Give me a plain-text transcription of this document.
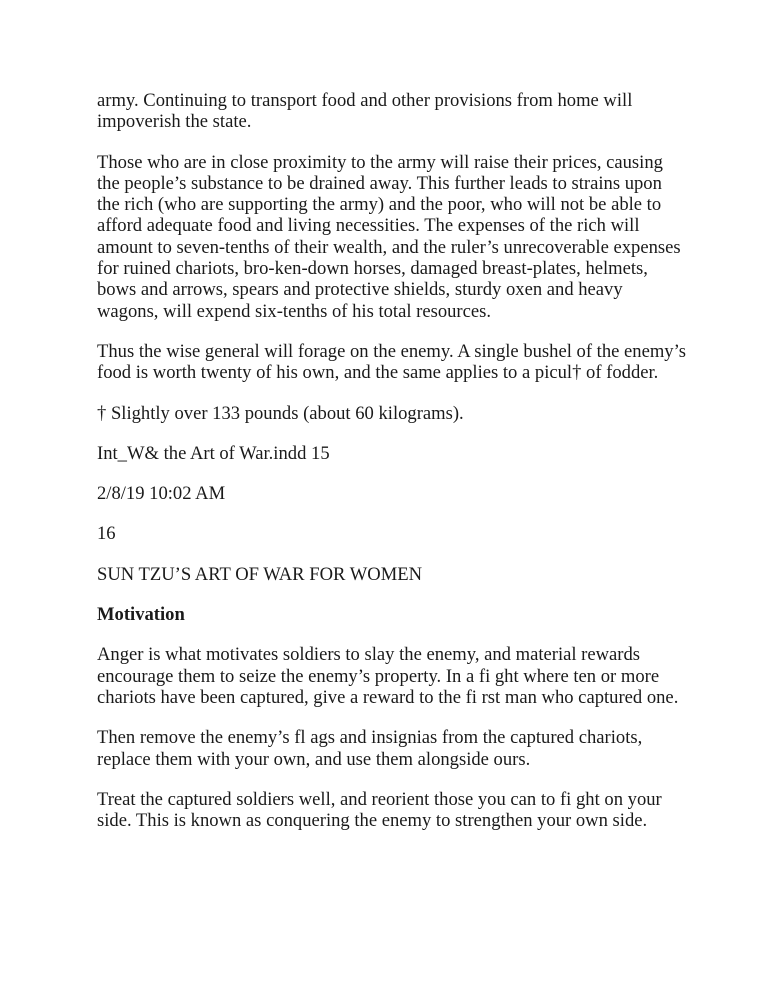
army. Continuing to transport food and other provisions from home will impoverish the state.

Those who are in close proximity to the army will raise their prices, causing the people’s substance to be drained away. This further leads to strains upon the rich (who are supporting the army) and the poor, who will not be able to afford adequate food and living necessities. The expenses of the rich will amount to seven-tenths of their wealth, and the ruler’s unrecoverable expenses for ruined chariots, bro-ken-down horses, damaged breast-plates, helmets, bows and arrows, spears and protective shields, sturdy oxen and heavy wagons, will expend six-tenths of his total resources.

Thus the wise general will forage on the enemy. A single bushel of the enemy’s food is worth twenty of his own, and the same applies to a picul† of fodder.

† Slightly over 133 pounds (about 60 kilograms).

Int_W& the Art of War.indd 15

2/8/19 10:02 AM

16

SUN TZU’S ART OF WAR FOR WOMEN

Motivation

Anger is what motivates soldiers to slay the enemy, and material rewards encourage them to seize the enemy’s property. In a fi ght where ten or more chariots have been captured, give a reward to the fi rst man who captured one.

Then remove the enemy’s fl ags and insignias from the captured chariots, replace them with your own, and use them alongside ours.

Treat the captured soldiers well, and reorient those you can to fi ght on your side. This is known as conquering the enemy to strengthen your own side.
